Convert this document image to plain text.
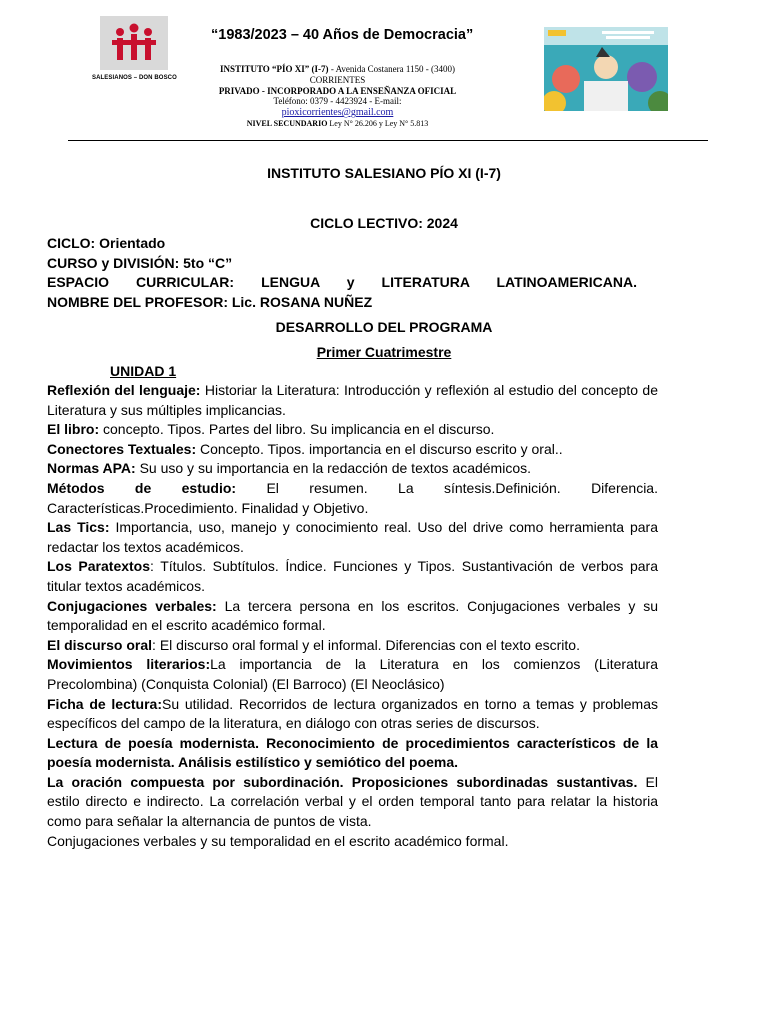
SALESIANOS – DON BOSCO
“1983/2023 – 40 Años de Democracia”
INSTITUTO “PÍO XI” (I-7) - Avenida Costanera 1150 - (3400)
CORRIENTES
PRIVADO - INCORPORADO A LA ENSEÑANZA OFICIAL
Teléfono: 0379 - 4423924 - E-mail:
pioxicorrientes@gmail.com
NIVEL SECUNDARIO Ley N° 26.206 y Ley N° 5.813
INSTITUTO SALESIANO PÍO XI (I-7)
CICLO LECTIVO: 2024
CICLO: Orientado
CURSO y DIVISIÓN: 5to “C”
ESPACIO CURRICULAR: LENGUA y LITERATURA LATINOAMERICANA.
NOMBRE DEL PROFESOR: Lic. ROSANA NUÑEZ
DESARROLLO DEL PROGRAMA
Primer Cuatrimestre
UNIDAD 1

Reflexión del lenguaje: Historiar la Literatura: Introducción y reflexión al estudio del concepto de Literatura y sus múltiples implicancias.

El libro: concepto. Tipos. Partes del libro. Su implicancia en el discurso.

Conectores Textuales: Concepto. Tipos. importancia en el discurso escrito y oral..

Normas APA: Su uso y su importancia en la redacción de textos académicos.

Métodos de estudio: El resumen. La síntesis.Definición. Diferencia. Características.Procedimiento. Finalidad y Objetivo.

Las Tics: Importancia, uso, manejo y conocimiento real. Uso del drive como herramienta para redactar los textos académicos.

Los Paratextos: Títulos. Subtítulos. Índice. Funciones y Tipos. Sustantivación de verbos para titular textos académicos.

Conjugaciones verbales: La tercera persona en los escritos. Conjugaciones verbales y su temporalidad en el escrito académico formal.

El discurso oral: El discurso oral formal y el informal. Diferencias con el texto escrito.

Movimientos literarios:La importancia de la Literatura en los comienzos (Literatura Precolombina) (Conquista Colonial) (El Barroco) (El Neoclásico)

Ficha de lectura:Su utilidad. Recorridos de lectura organizados en torno a temas y problemas específicos del campo de la literatura, en diálogo con otras series de discursos.

Lectura de poesía modernista. Reconocimiento de procedimientos característicos de la poesía modernista. Análisis estilístico y semiótico del poema.

La oración compuesta por subordinación. Proposiciones subordinadas sustantivas. El estilo directo e indirecto. La correlación verbal y el orden temporal tanto para relatar la historia como para señalar la alternancia de puntos de vista.

Conjugaciones verbales y su temporalidad en el escrito académico formal.
